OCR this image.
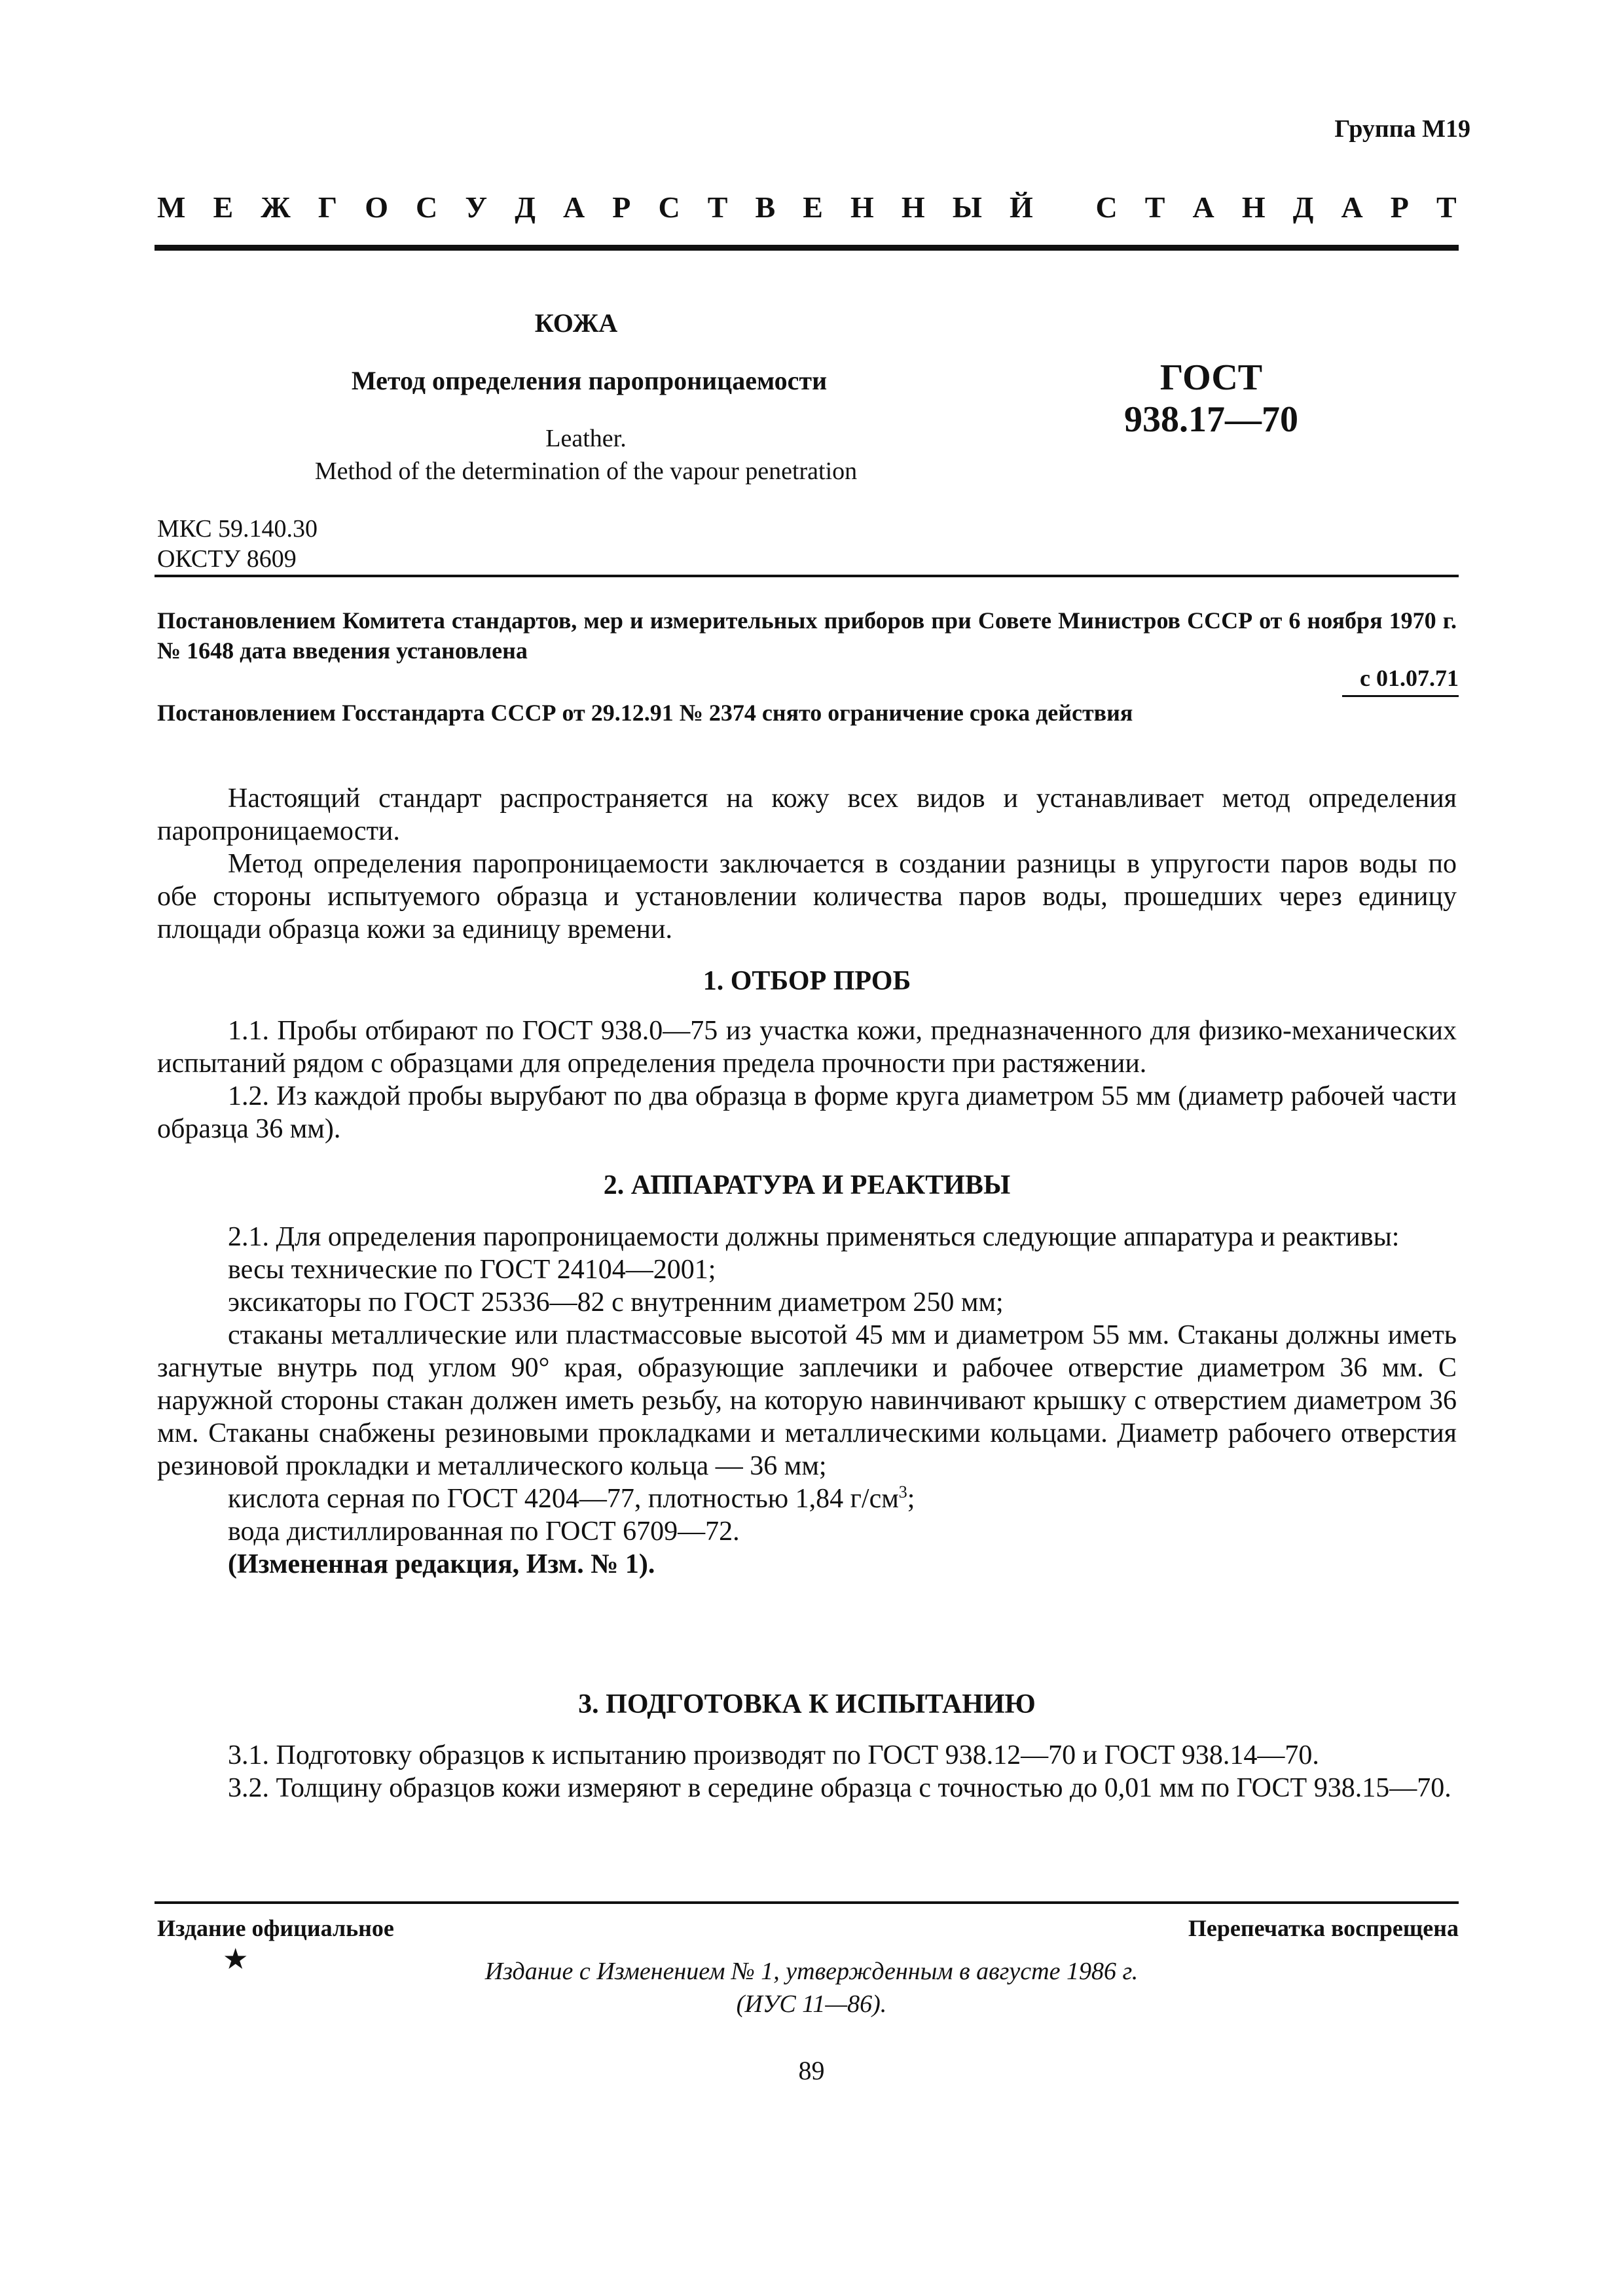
Группа М19
М Е Ж Г О С У Д А Р С Т В Е Н Н Ы Й
С Т А Н Д А Р Т
КОЖА
Метод определения паропроницаемости
Leather.
Method of the determination of the vapour penetration
ГОСТ
938.17—70
МКС 59.140.30
ОКСТУ 8609
Постановлением Комитета стандартов, мер и измерительных приборов при Совете Министров СССР от 6 ноября 1970 г. № 1648 дата введения установлена
с 01.07.71
Постановлением Госстандарта СССР от 29.12.91 № 2374 снято ограничение срока действия

Настоящий стандарт распространяется на кожу всех видов и устанавливает метод определения паропроницаемости.

Метод определения паропроницаемости заключается в создании разницы в упругости паров воды по обе стороны испытуемого образца и установлении количества паров воды, прошедших через единицу площади образца кожи за единицу времени.

1. ОТБОР ПРОБ

1.1. Пробы отбирают по ГОСТ 938.0—75 из участка кожи, предназначенного для физико-механических испытаний рядом с образцами для определения предела прочности при растяжении.

1.2. Из каждой пробы вырубают по два образца в форме круга диаметром 55 мм (диаметр рабочей части образца 36 мм).

2. АППАРАТУРА И РЕАКТИВЫ

2.1. Для определения паропроницаемости должны применяться следующие аппаратура и реактивы:

весы технические по ГОСТ 24104—2001;

эксикаторы по ГОСТ 25336—82 с внутренним диаметром 250 мм;

стаканы металлические или пластмассовые высотой 45 мм и диаметром 55 мм. Стаканы должны иметь загнутые внутрь под углом 90° края, образующие заплечики и рабочее отверстие диаметром 36 мм. С наружной стороны стакан должен иметь резьбу, на которую навинчивают крышку с отверстием диаметром 36 мм. Стаканы снабжены резиновыми прокладками и металлическими кольцами. Диаметр рабочего отверстия резиновой прокладки и металлического кольца — 36 мм;

кислота серная по ГОСТ 4204—77, плотностью 1,84 $г/см^3$;

вода дистиллированная по ГОСТ 6709—72.

(Измененная редакция, Изм. № 1).

3. ПОДГОТОВКА К ИСПЫТАНИЮ

3.1. Подготовку образцов к испытанию производят по ГОСТ 938.12—70 и ГОСТ 938.14—70.

3.2. Толщину образцов кожи измеряют в середине образца с точностью до 0,01 мм по ГОСТ 938.15—70.

Издание официальное	Перепечатка воспрещена
★	Издание с Изменением № 1, утвержденным в августе 1986 г.
(ИУС 11—86).
89
